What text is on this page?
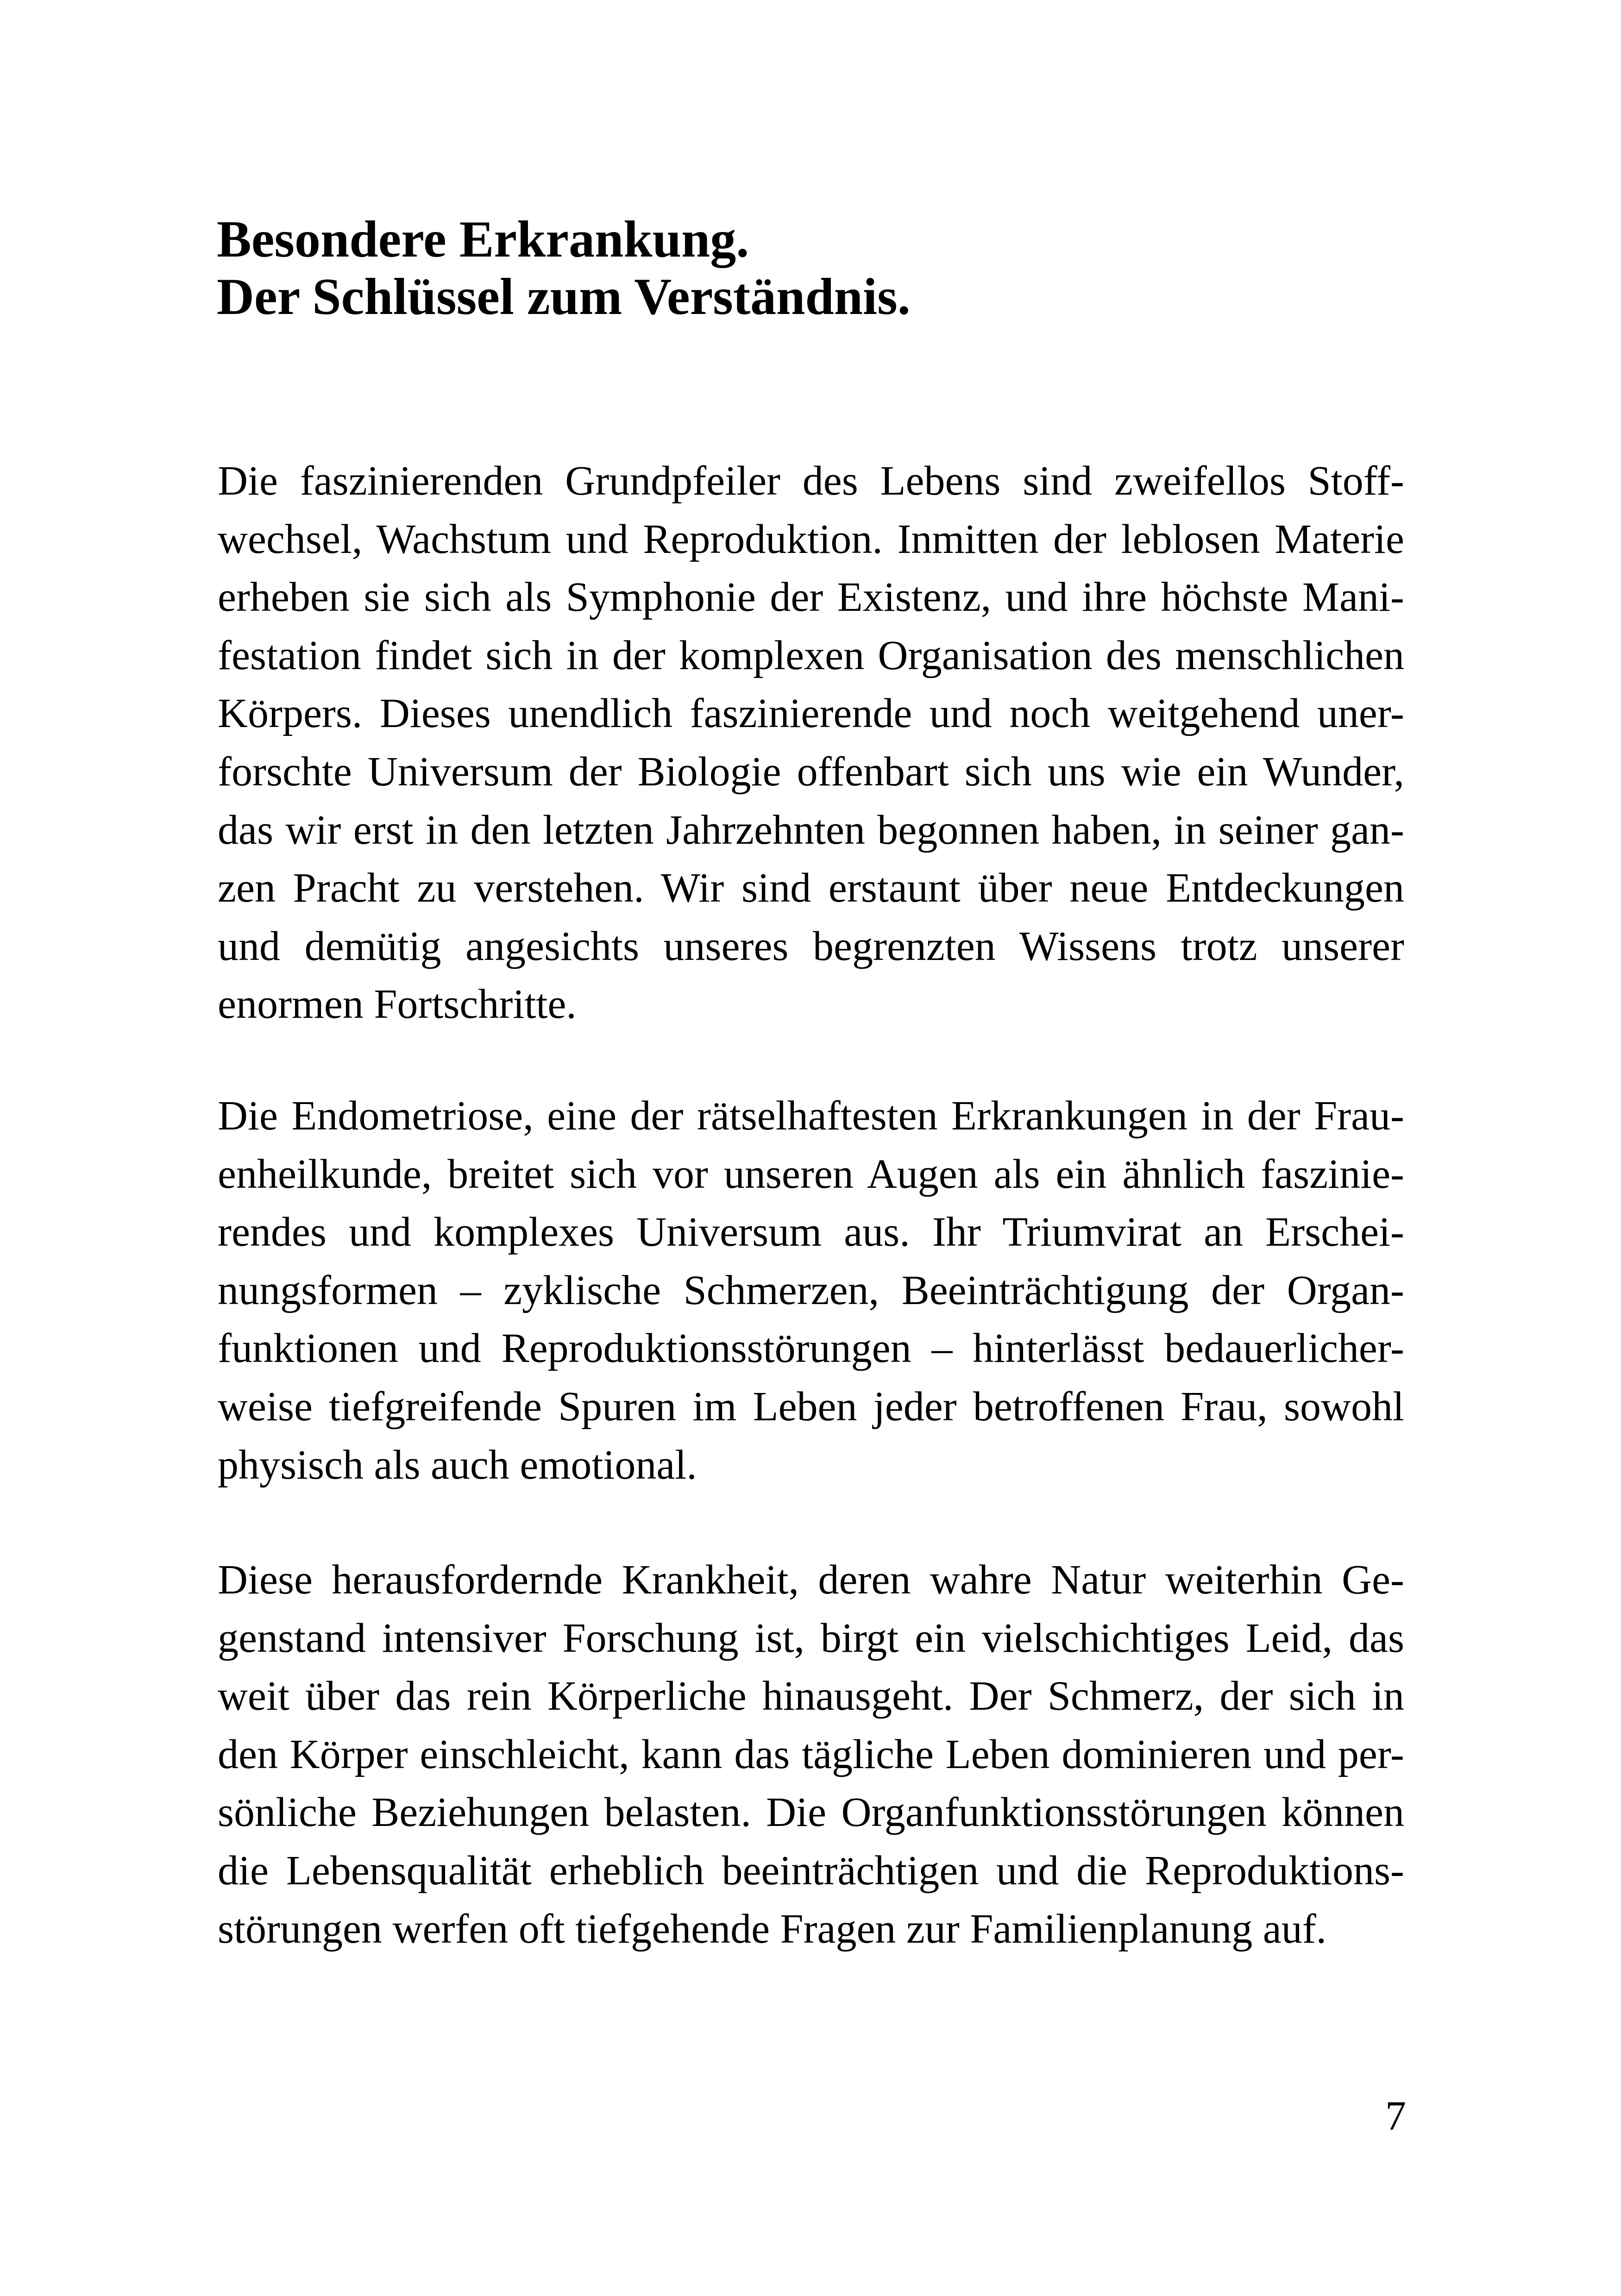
Besondere Erkrankung.
Der Schlüssel zum Verständnis.
Die faszinierenden Grundpfeiler des Lebens sind zweifellos Stoff-
wechsel, Wachstum und Reproduktion. Inmitten der leblosen Materie
erheben sie sich als Symphonie der Existenz, und ihre höchste Mani-
festation findet sich in der komplexen Organisation des menschlichen
Körpers. Dieses unendlich faszinierende und noch weitgehend uner-
forschte Universum der Biologie offenbart sich uns wie ein Wunder,
das wir erst in den letzten Jahrzehnten begonnen haben, in seiner gan-
zen Pracht zu verstehen. Wir sind erstaunt über neue Entdeckungen
und demütig angesichts unseres begrenzten Wissens trotz unserer
enormen Fortschritte.
Die Endometriose, eine der rätselhaftesten Erkrankungen in der Frau-
enheilkunde, breitet sich vor unseren Augen als ein ähnlich faszinie-
rendes und komplexes Universum aus. Ihr Triumvirat an Erschei-
nungsformen – zyklische Schmerzen, Beeinträchtigung der Organ-
funktionen und Reproduktionsstörungen – hinterlässt bedauerlicher-
weise tiefgreifende Spuren im Leben jeder betroffenen Frau, sowohl
physisch als auch emotional.
Diese herausfordernde Krankheit, deren wahre Natur weiterhin Ge-
genstand intensiver Forschung ist, birgt ein vielschichtiges Leid, das
weit über das rein Körperliche hinausgeht. Der Schmerz, der sich in
den Körper einschleicht, kann das tägliche Leben dominieren und per-
sönliche Beziehungen belasten. Die Organfunktionsstörungen können
die Lebensqualität erheblich beeinträchtigen und die Reproduktions-
störungen werfen oft tiefgehende Fragen zur Familienplanung auf.
7
